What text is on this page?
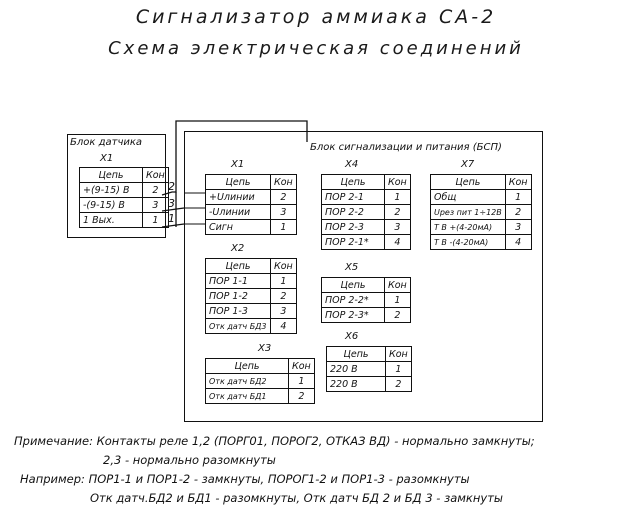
Сигнализатор аммиака СА-2
Схема электрическая соединений
Блок датчика
X1
Цепь	Кон
+(9-15) В	2
-(9-15) В	3
1 Вых.	1
2
3
1
Блок сигнализации и питания (БСП)
X1
Цепь	Кон
+Uлинии	2
-Uлинии	3
Сигн	1
X2
Цепь	Кон
ПОР 1-1	1
ПОР 1-2	2
ПОР 1-3	3
Отк датч БД3	4
X3
Цепь	Кон
Отк датч БД2	1
Отк датч БД1	2
X4
Цепь	Кон
ПОР 2-1	1
ПОР 2-2	2
ПОР 2-3	3
ПОР 2-1*	4
X5
Цепь	Кон
ПОР 2-2*	1
ПОР 2-3*	2
X6
Цепь	Кон
220 В	1
220 В	2
X7
Цепь	Кон
Общ	1
Uрез пит 1÷12В	2
Т В +(4-20мА)	3
Т В -(4-20мА)	4
Примечание: Контакты реле 1,2 (ПОРГ01, ПОРОГ2, ОТКАЗ ВД) - нормально замкнуты;
2,3 - нормально разомкнуты
Например: ПОР1-1 и ПОР1-2 - замкнуты, ПОРОГ1-2 и ПОР1-3 - разомкнуты
Отк датч.БД2 и БД1 - разомкнуты, Отк датч БД 2 и БД 3 - замкнуты
